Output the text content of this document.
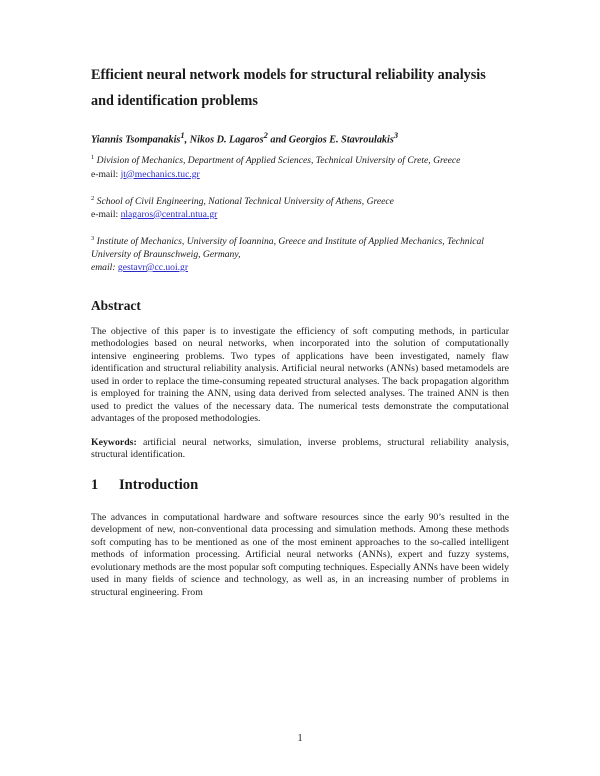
Efficient neural network models for structural reliability analysis and identification problems
Yiannis Tsompanakis$^1$, Nikos D. Lagaros$^2$ and Georgios E. Stavroulakis$^3$
$^1$ Division of Mechanics, Department of Applied Sciences, Technical University of Crete, Greece
e-mail: jt@mechanics.tuc.gr
$^2$ School of Civil Engineering, National Technical University of Athens, Greece
e-mail: nlagaros@central.ntua.gr
$^3$ Institute of Mechanics, University of Ioannina, Greece and Institute of Applied Mechanics, Technical University of Braunschweig, Germany,
email: gestavr@cc.uoi.gr
Abstract

The objective of this paper is to investigate the efficiency of soft computing methods, in particular methodologies based on neural networks, when incorporated into the solution of computationally intensive engineering problems. Two types of applications have been investigated, namely flaw identification and structural reliability analysis. Artificial neural networks (ANNs) based metamodels are used in order to replace the time-consuming repeated structural analyses. The back propagation algorithm is employed for training the ANN, using data derived from selected analyses. The trained ANN is then used to predict the values of the necessary data. The numerical tests demonstrate the computational advantages of the proposed methodologies.

Keywords: artificial neural networks, simulation, inverse problems, structural reliability analysis, structural identification.

1	Introduction

The advances in computational hardware and software resources since the early 90’s resulted in the development of new, non-conventional data processing and simulation methods. Among these methods soft computing has to be mentioned as one of the most eminent approaches to the so-called intelligent methods of information processing. Artificial neural networks (ANNs), expert and fuzzy systems, evolutionary methods are the most popular soft computing techniques. Especially ANNs have been widely used in many fields of science and technology, as well as, in an increasing number of problems in structural engineering. From

1
